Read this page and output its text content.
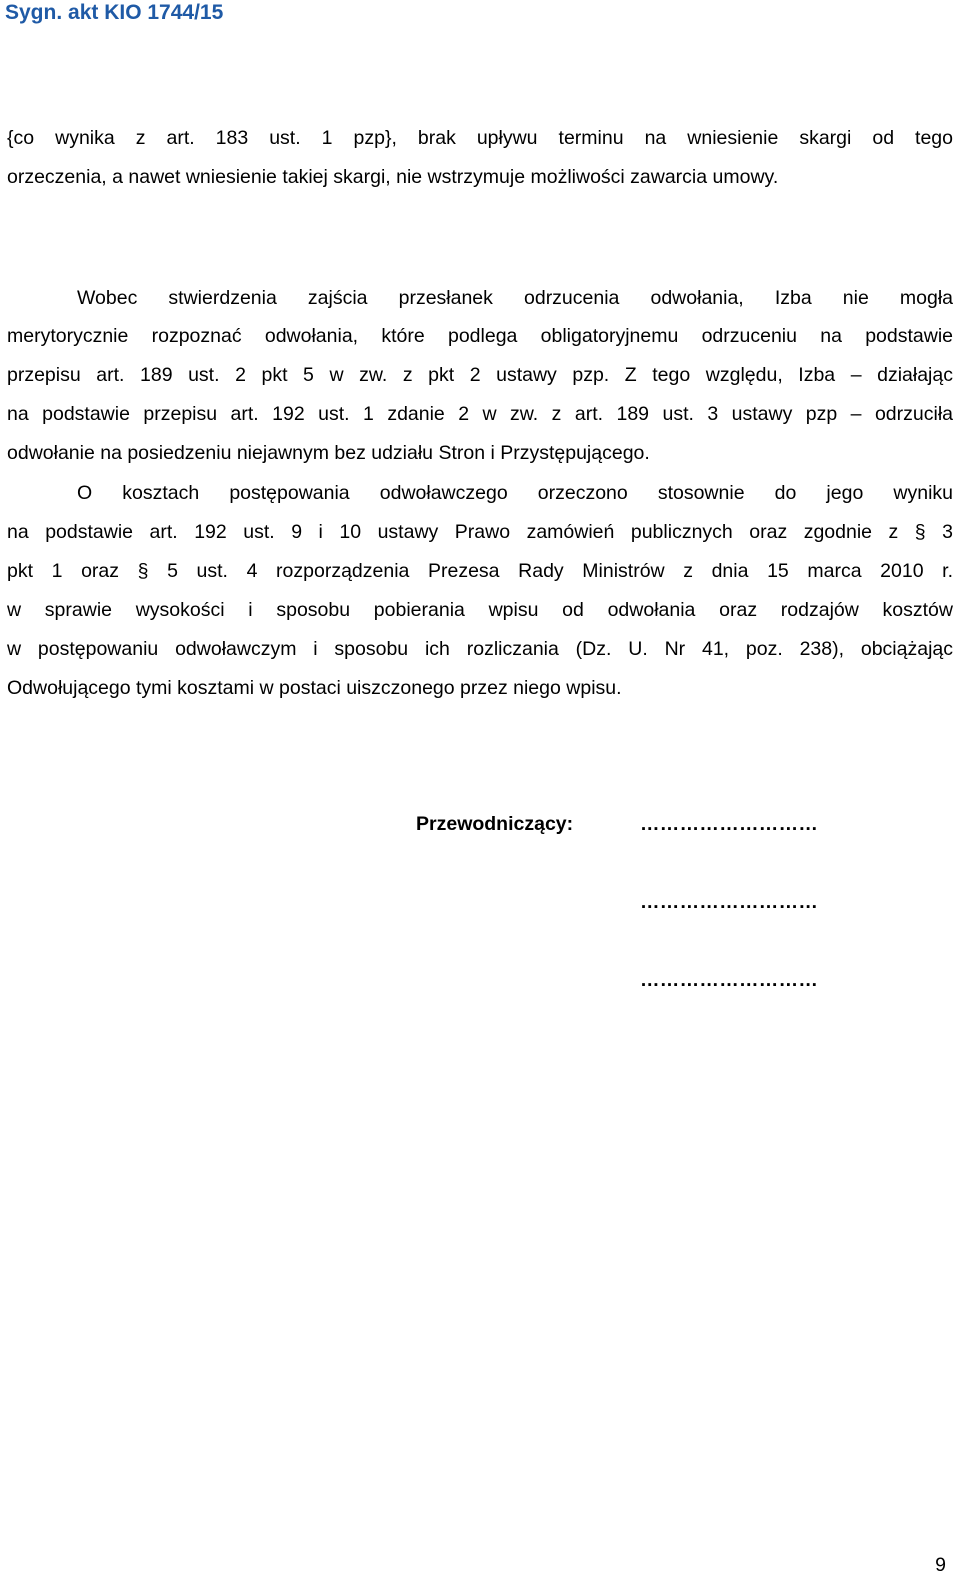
Sygn. akt KIO 1744/15
{co wynika z art. 183 ust. 1 pzp}, brak upływu terminu na wniesienie skargi od tego
orzeczenia, a nawet wniesienie takiej skargi, nie wstrzymuje możliwości zawarcia umowy.
Wobec stwierdzenia zajścia przesłanek odrzucenia odwołania, Izba nie mogła
merytorycznie rozpoznać odwołania, które podlega obligatoryjnemu odrzuceniu na podstawie
przepisu art. 189 ust. 2 pkt 5 w zw. z pkt 2 ustawy pzp. Z tego względu, Izba – działając
na podstawie przepisu art. 192 ust. 1 zdanie 2 w zw. z art. 189 ust. 3 ustawy pzp – odrzuciła
odwołanie na posiedzeniu niejawnym bez udziału Stron i Przystępującego.
O kosztach postępowania odwoławczego orzeczono stosownie do jego wyniku
na podstawie art. 192 ust. 9 i 10 ustawy Prawo zamówień publicznych oraz zgodnie z § 3
pkt 1 oraz § 5 ust. 4 rozporządzenia Prezesa Rady Ministrów z dnia 15 marca 2010 r.
w sprawie wysokości i sposobu pobierania wpisu od odwołania oraz rodzajów kosztów
w postępowaniu odwoławczym i sposobu ich rozliczania (Dz. U. Nr 41, poz. 238), obciążając
Odwołującego tymi kosztami w postaci uiszczonego przez niego wpisu.
Przewodniczący:	………………………
………………………
………………………
9
